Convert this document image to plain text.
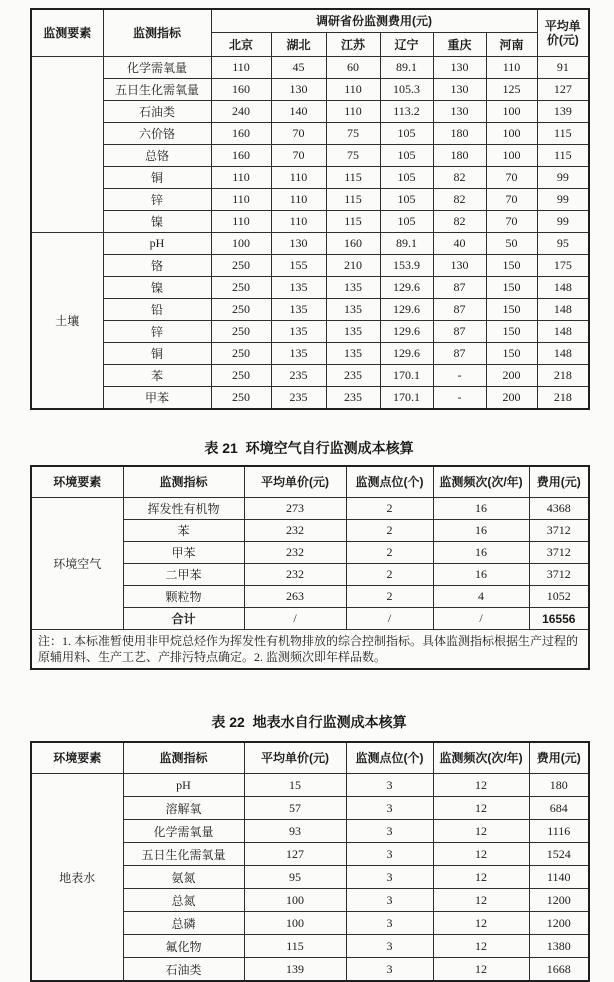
监测要素	监测指标	调研省份监测费用(元)						平均单价(元)
		北京	湖北	江苏	辽宁	重庆	河南	
	化学需氧量	110	45	60	89.1	130	110	91
	五日生化需氧量	160	130	110	105.3	130	125	127
	石油类	240	140	110	113.2	130	100	139
	六价铬	160	70	75	105	180	100	115
	总铬	160	70	75	105	180	100	115
	铜	110	110	115	105	82	70	99
	锌	110	110	115	105	82	70	99
	镍	110	110	115	105	82	70	99
土壤	pH	100	130	160	89.1	40	50	95
	铬	250	155	210	153.9	130	150	175
	镍	250	135	135	129.6	87	150	148
	铅	250	135	135	129.6	87	150	148
	锌	250	135	135	129.6	87	150	148
	铜	250	135	135	129.6	87	150	148
	苯	250	235	235	170.1	-	200	218
	甲苯	250	235	235	170.1	-	200	218
表 21  环境空气自行监测成本核算
环境要素	监测指标	平均单价(元)	监测点位(个)	监测频次(次/年)	费用(元)
环境空气	挥发性有机物	273	2	16	4368
	苯	232	2	16	3712
	甲苯	232	2	16	3712
	二甲苯	232	2	16	3712
	颗粒物	263	2	4	1052
	合计	/	/	/	16556
注：1. 本标准暂使用非甲烷总烃作为挥发性有机物排放的综合控制指标。具体监测指标根据生产过程的原辅用料、生产工艺、产排污特点确定。2. 监测频次即年样品数。					
表 22  地表水自行监测成本核算
环境要素	监测指标	平均单价(元)	监测点位(个)	监测频次(次/年)	费用(元)
地表水	pH	15	3	12	180
	溶解氧	57	3	12	684
	化学需氧量	93	3	12	1116
	五日生化需氧量	127	3	12	1524
	氨氮	95	3	12	1140
	总氮	100	3	12	1200
	总磷	100	3	12	1200
	氟化物	115	3	12	1380
	石油类	139	3	12	1668
